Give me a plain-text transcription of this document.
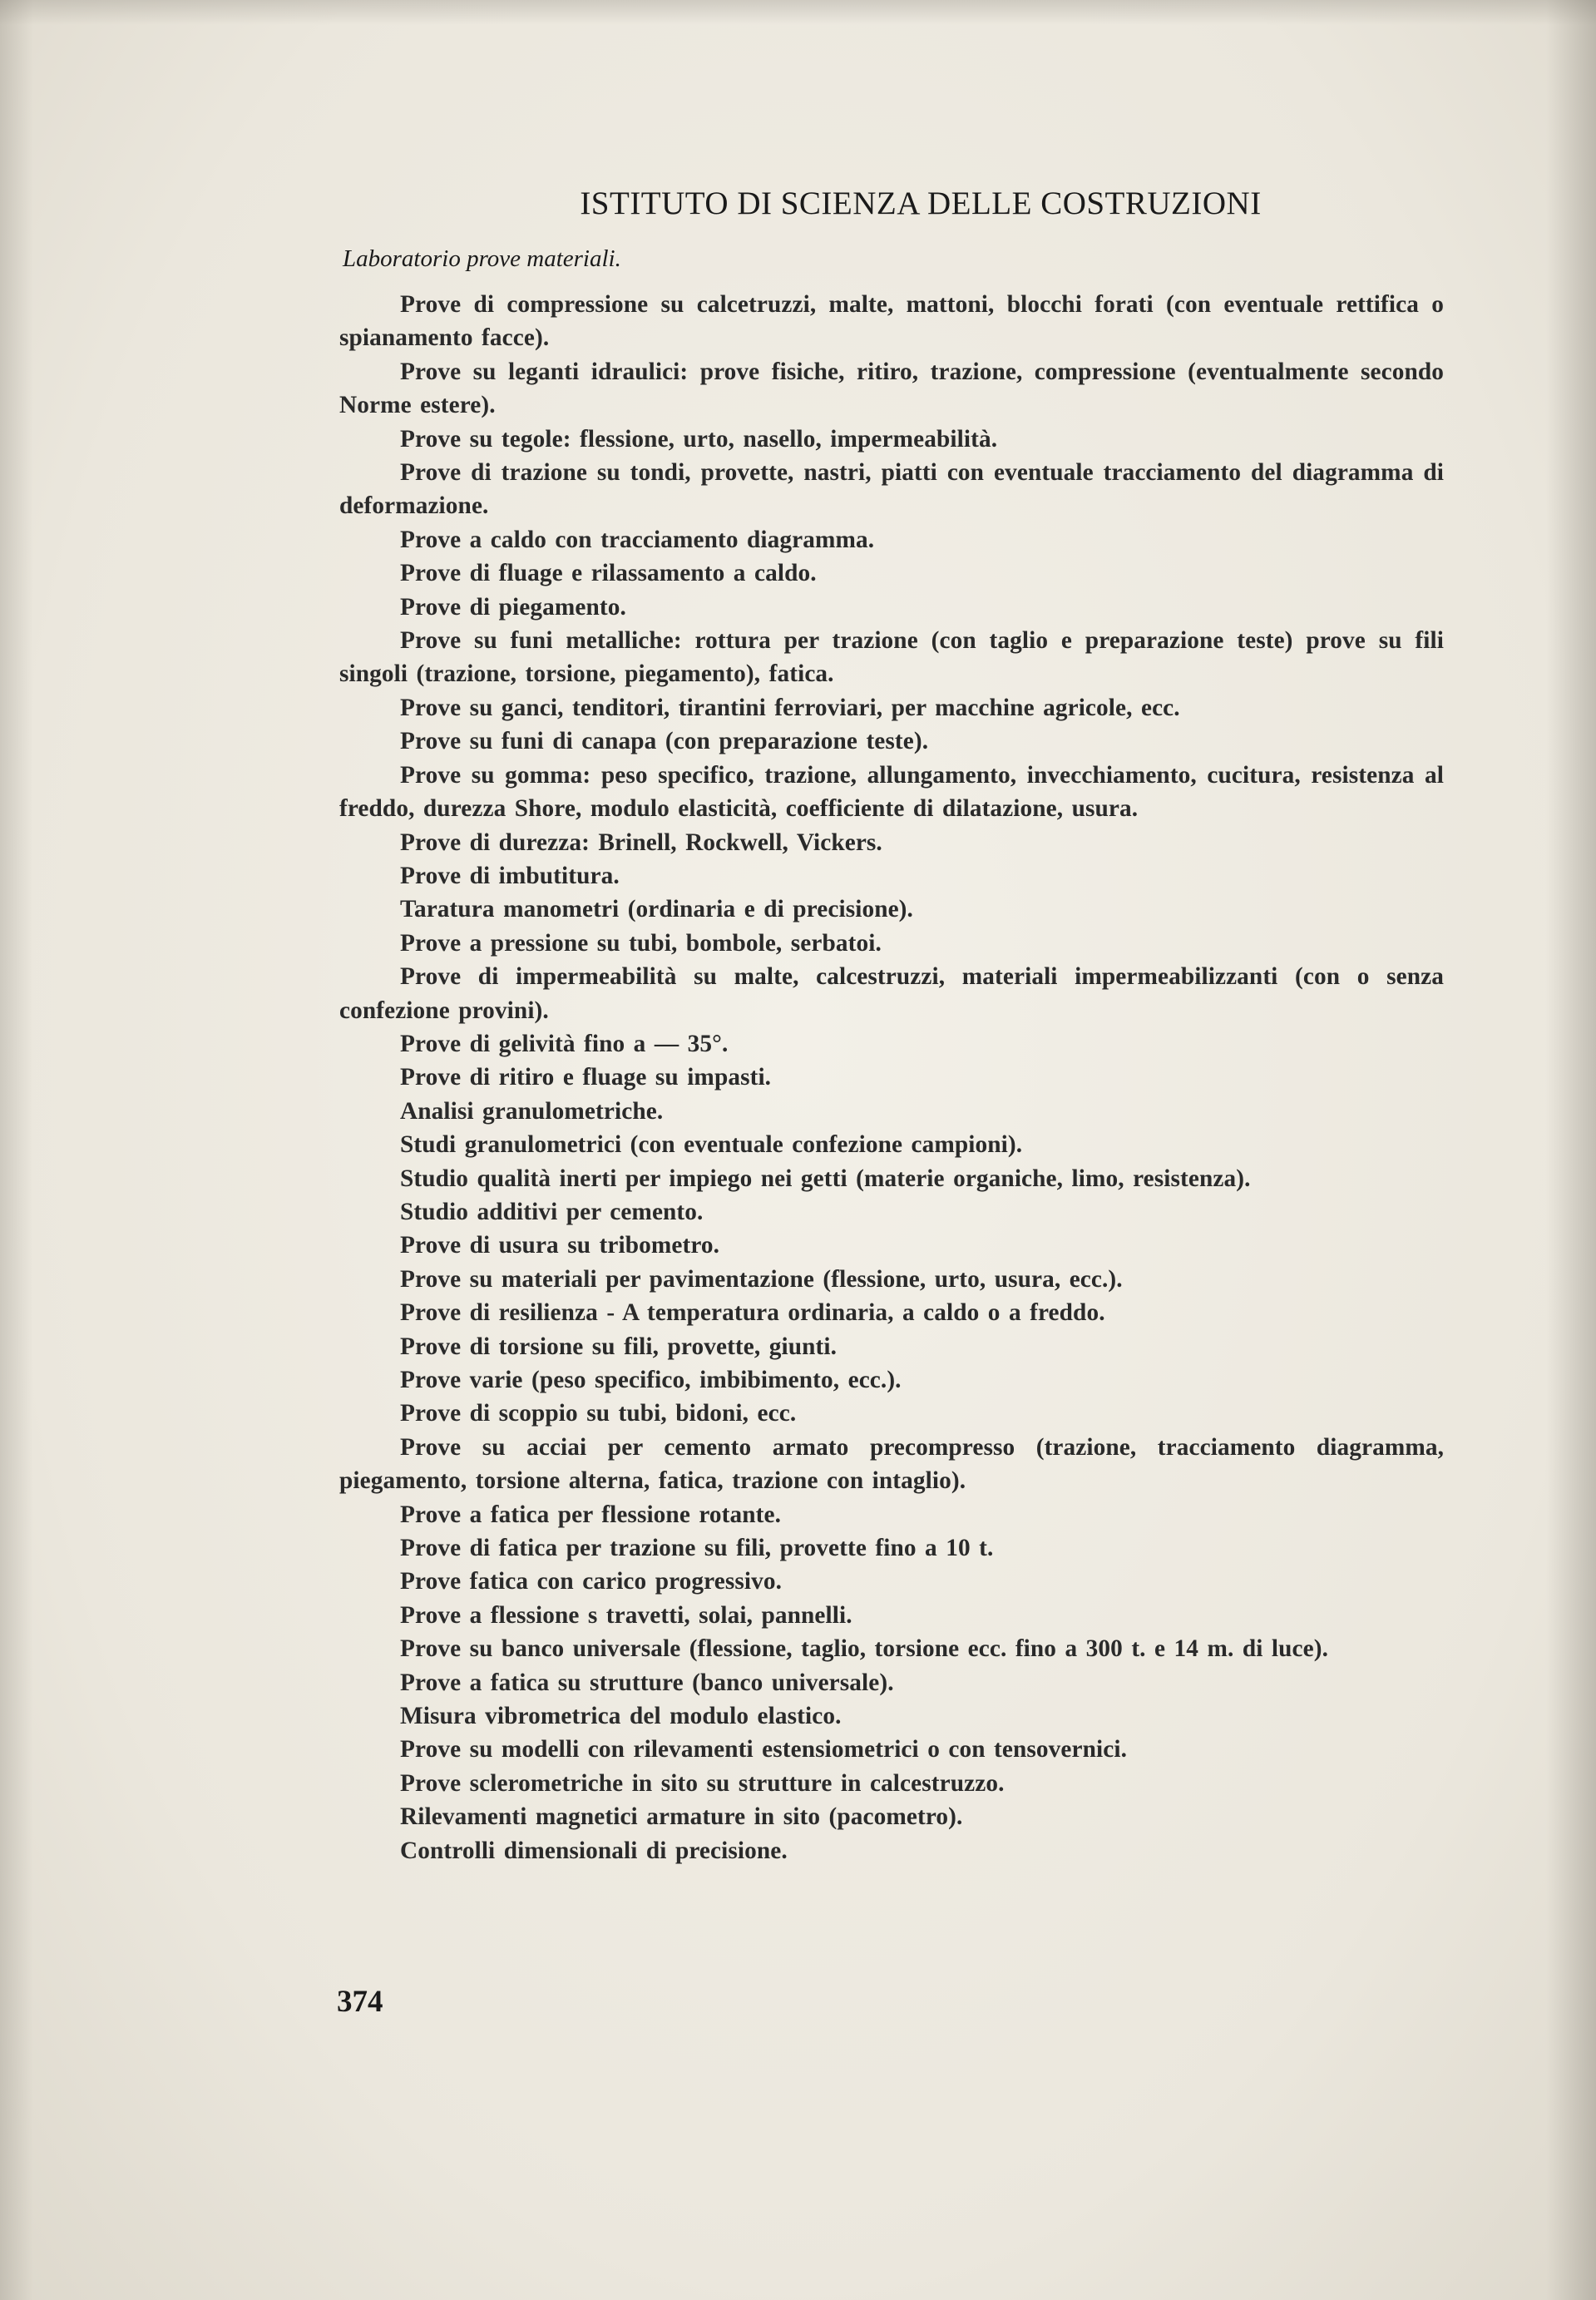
ISTITUTO DI SCIENZA DELLE COSTRUZIONI
Laboratorio prove materiali.
Prove di compressione su calcetruzzi, malte, mattoni, blocchi forati (con eventuale rettifica o spianamento facce).
Prove su leganti idraulici: prove fisiche, ritiro, trazione, compressione (eventualmente secondo Norme estere).
Prove su tegole: flessione, urto, nasello, impermeabilità.
Prove di trazione su tondi, provette, nastri, piatti con eventuale tracciamento del diagramma di deformazione.
Prove a caldo con tracciamento diagramma.
Prove di fluage e rilassamento a caldo.
Prove di piegamento.
Prove su funi metalliche: rottura per trazione (con taglio e preparazione teste) prove su fili singoli (trazione, torsione, piegamento), fatica.
Prove su ganci, tenditori, tirantini ferroviari, per macchine agricole, ecc.
Prove su funi di canapa (con preparazione teste).
Prove su gomma: peso specifico, trazione, allungamento, invecchiamento, cucitura, resistenza al freddo, durezza Shore, modulo elasticità, coefficiente di dilatazione, usura.
Prove di durezza: Brinell, Rockwell, Vickers.
Prove di imbutitura.
Taratura manometri (ordinaria e di precisione).
Prove a pressione su tubi, bombole, serbatoi.
Prove di impermeabilità su malte, calcestruzzi, materiali impermeabilizzanti (con o senza confezione provini).
Prove di gelività fino a — 35°.
Prove di ritiro e fluage su impasti.
Analisi granulometriche.
Studi granulometrici (con eventuale confezione campioni).
Studio qualità inerti per impiego nei getti (materie organiche, limo, resistenza).
Studio additivi per cemento.
Prove di usura su tribometro.
Prove su materiali per pavimentazione (flessione, urto, usura, ecc.).
Prove di resilienza - A temperatura ordinaria, a caldo o a freddo.
Prove di torsione su fili, provette, giunti.
Prove varie (peso specifico, imbibimento, ecc.).
Prove di scoppio su tubi, bidoni, ecc.
Prove su acciai per cemento armato precompresso (trazione, tracciamento diagramma, piegamento, torsione alterna, fatica, trazione con intaglio).
Prove a fatica per flessione rotante.
Prove di fatica per trazione su fili, provette fino a 10 t.
Prove fatica con carico progressivo.
Prove a flessione s travetti, solai, pannelli.
Prove su banco universale (flessione, taglio, torsione ecc. fino a 300 t. e 14 m. di luce).
Prove a fatica su strutture (banco universale).
Misura vibrometrica del modulo elastico.
Prove su modelli con rilevamenti estensiometrici o con tensovernici.
Prove sclerometriche in sito su strutture in calcestruzzo.
Rilevamenti magnetici armature in sito (pacometro).
Controlli dimensionali di precisione.
374
